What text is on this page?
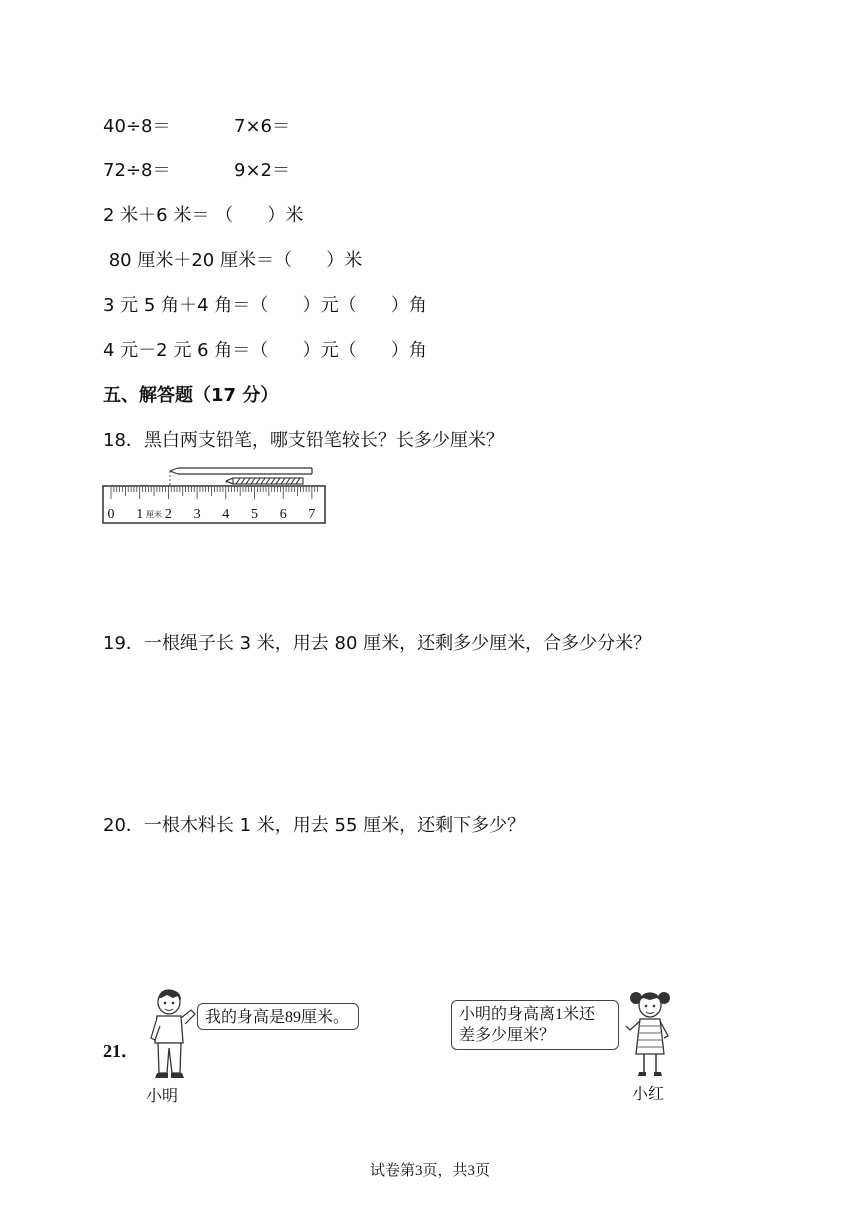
40÷8＝	7×6＝
72÷8＝	9×2＝
2 米＋6 米＝ （      ）米
80 厘米＋20 厘米＝（      ）米
3 元 5 角＋4 角＝（      ）元（      ）角
4 元－2 元 6 角＝（      ）元（      ）角
五、解答题（17 分）
18．黑白两支铅笔，哪支铅笔较长？长多少厘米？
0 1 2 3 4 5 6 7
厘米
19．一根绳子长 3 米，用去 80 厘米，还剩多少厘米，合多少分米？
20．一根木料长 1 米，用去 55 厘米，还剩下多少？
21．
我的身高是89厘米。
小明
小明的身高离1米还
差多少厘米？
小红
试卷第3页，共3页
